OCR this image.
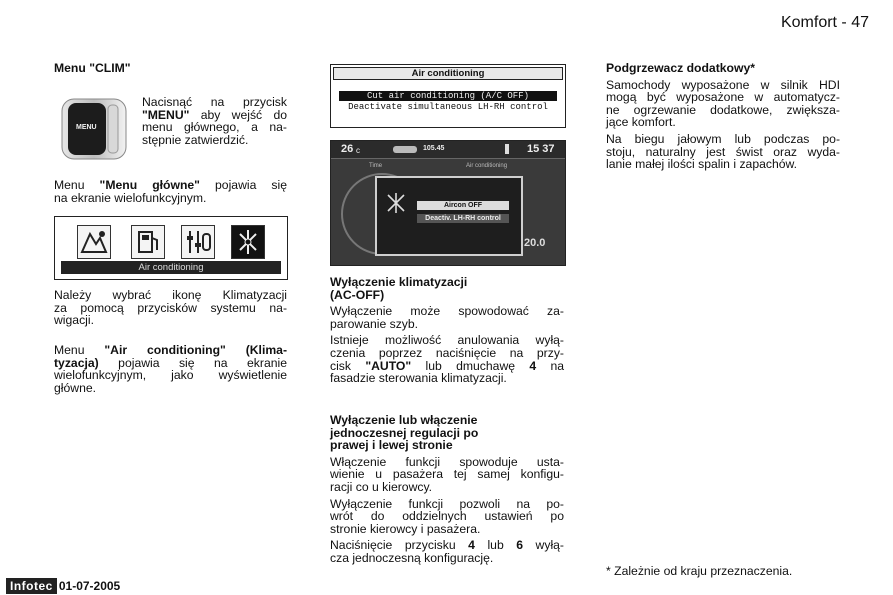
Komfort - 47
Menu "CLIM"
MENU
Nacisnąć na przycisk
"MENU" aby wejść do
menu głównego, a na-
stępnie zatwierdzić.
Menu "Menu główne" pojawia się
na ekranie wielofunkcyjnym.
Air conditioning
Należy wybrać ikonę Klimatyzacji
za pomocą przycisków systemu na-
wigacji.
Menu "Air conditioning" (Klima-
tyzacja) pojawia się na ekranie
wielofunkcyjnym, jako wyświetlenie
główne.
Air conditioning
Cut air conditioning (A/C OFF)
Deactivate simultaneous LH-RH control
26 c	105.45	15 37
Time	Air conditioning
20.0
Aircon OFF
Deactiv. LH-RH control
Wyłączenie klimatyzacji
(AC-OFF)
Wyłączenie może spowodować za-
parowanie szyb.
Istnieje możliwość anulowania wyłą-
czenia poprzez naciśnięcie na przy-
cisk "AUTO" lub dmuchawę 4 na
fasadzie sterowania klimatyzacji.
Wyłączenie lub włączenie
jednoczesnej regulacji po
prawej i lewej stronie
Włączenie funkcji spowoduje usta-
wienie u pasażera tej samej konfigu-
racji co u kierowcy.
Wyłączenie funkcji pozwoli na po-
wrót do oddzielnych ustawień po
stronie kierowcy i pasażera.
Naciśnięcie przycisku 4 lub 6 wyłą-
cza jednoczesną konfigurację.
Podgrzewacz dodatkowy*
Samochody wyposażone w silnik HDI
mogą być wyposażone w automatycz-
ne ogrzewanie dodatkowe, zwiększa-
jące komfort.
Na biegu jałowym lub podczas po-
stoju, naturalny jest świst oraz wyda-
lanie małej ilości spalin i zapachów.
* Zależnie od kraju przeznaczenia.
Infotec 01-07-2005
